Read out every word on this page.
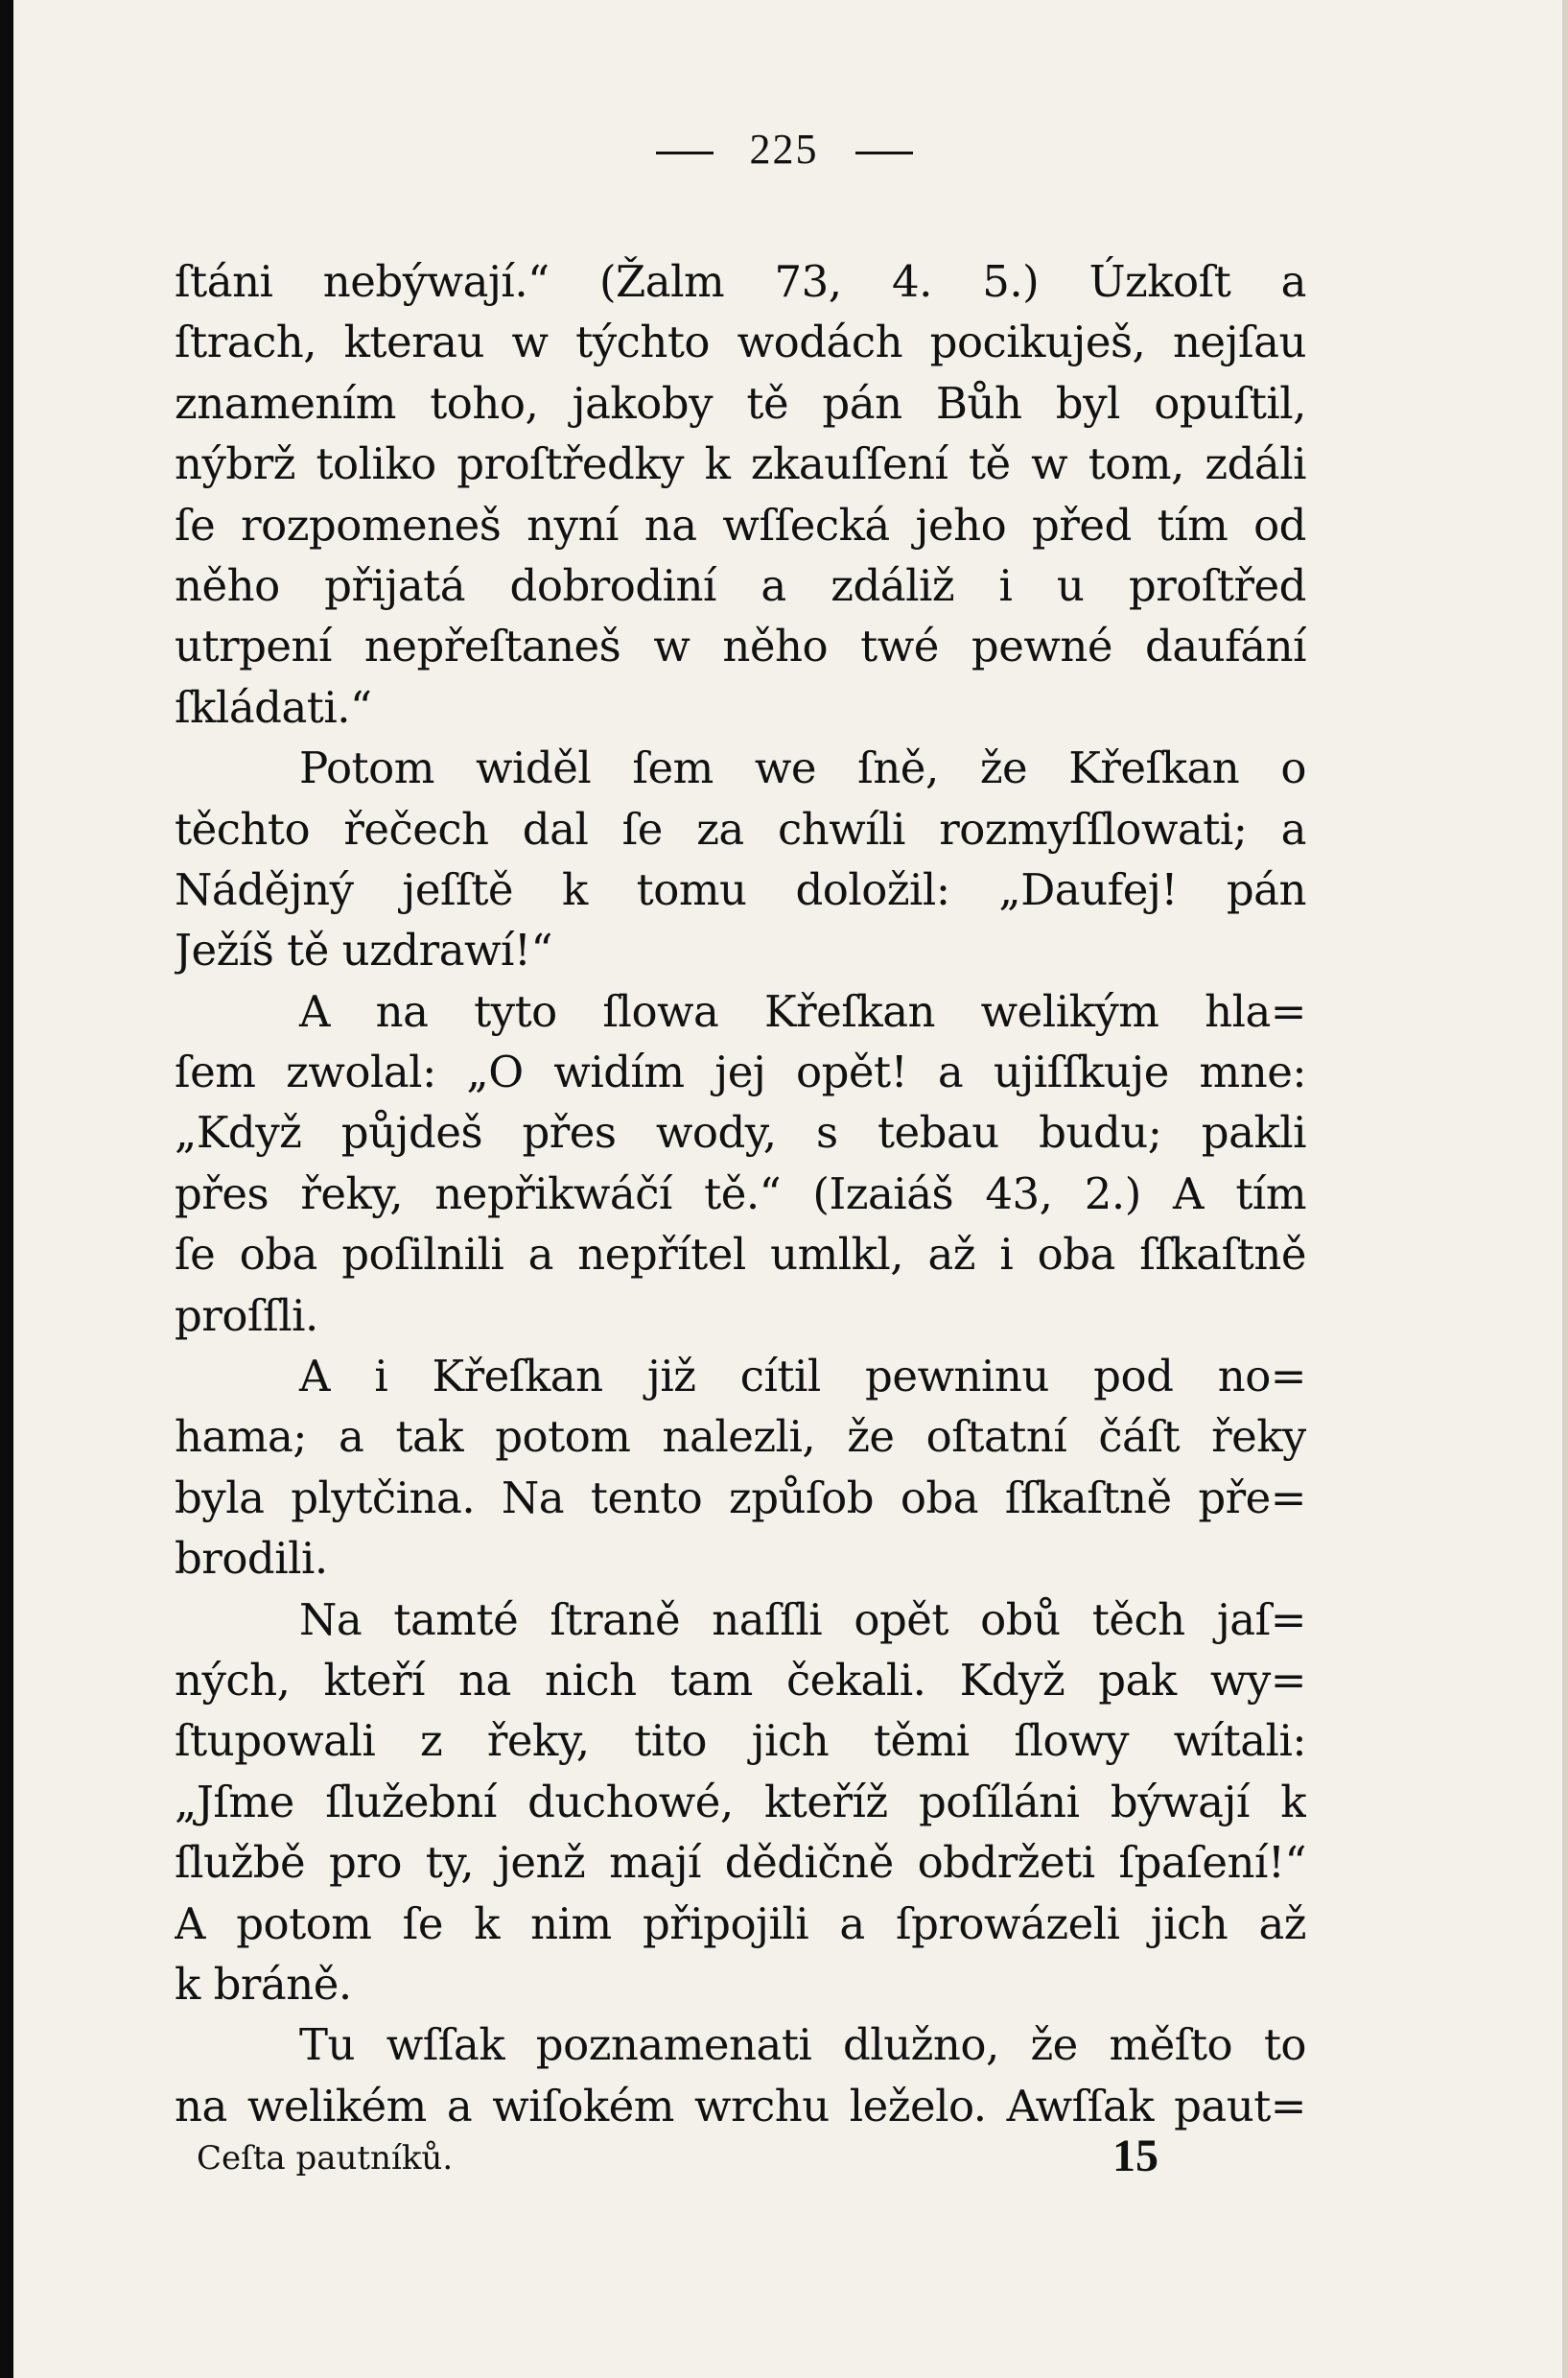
225
ſtáni nebýwají.“ (Žalm 73, 4. 5.) Úzkoſt a
ſtrach, kterau w týchto wodách pocikuješ, nejſau
znamením toho, jakoby tě pán Bůh byl opuſtil,
nýbrž toliko proſtředky k zkauſſení tě w tom, zdáli
ſe rozpomeneš nyní na wſſecká jeho před tím od
něho přijatá dobrodiní a zdáliž i u proſtřed
utrpení nepřeſtaneš w něho twé pewné daufání
ſkládati.“
Potom widěl ſem we ſně, že Křeſkan o
těchto řečech dal ſe za chwíli rozmyſſlowati; a
Nádějný jeſſtě k tomu doložil: „Daufej! pán
Ježíš tě uzdrawí!“
A na tyto ſlowa Křeſkan welikým hla=
ſem zwolal: „O widím jej opět! a ujiſſkuje mne:
„Když půjdeš přes wody, s tebau budu; pakli
přes řeky, nepřikwáčí tě.“ (Izaiáš 43, 2.) A tím
ſe oba poſilnili a nepřítel umlkl, až i oba ſſkaſtně
proſſli.
A i Křeſkan již cítil pewninu pod no=
hama; a tak potom nalezli, že oſtatní čáſt řeky
byla plytčina. Na tento způſob oba ſſkaſtně pře=
brodili.
Na tamté ſtraně naſſli opět obů těch jaſ=
ných, kteří na nich tam čekali. Když pak wy=
ſtupowali z řeky, tito jich těmi ſlowy wítali:
„Jſme ſlužební duchowé, kteříž poſíláni býwají k
ſlužbě pro ty, jenž mají dědičně obdržeti ſpaſení!“
A potom ſe k nim připojili a ſprowázeli jich až
k bráně.
Tu wſſak poznamenati dlužno, že měſto to
na welikém a wiſokém wrchu leželo. Awſſak paut=
Ceſta pautníků.	15
